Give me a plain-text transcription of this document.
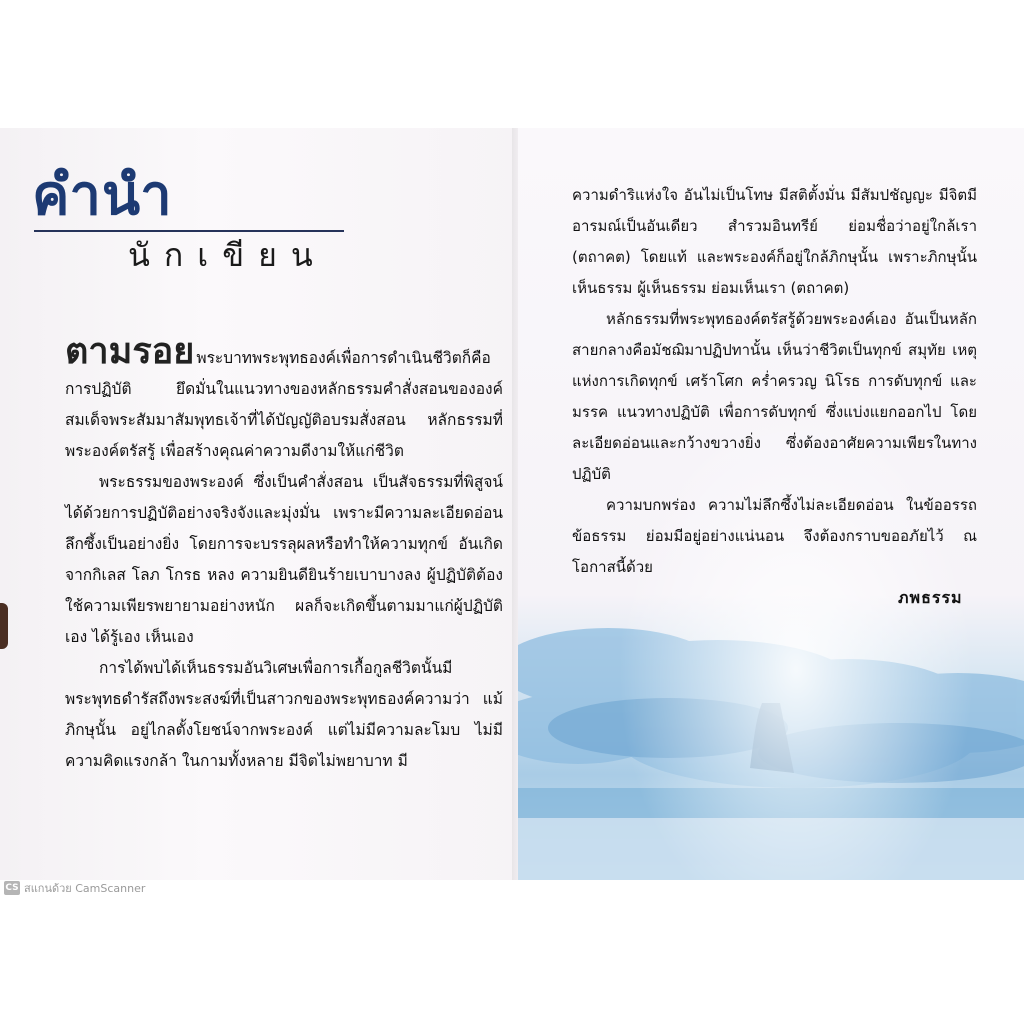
คำนำ
นักเขียน

ตามรอย พระบาทพระพุทธองค์เพื่อการดำเนินชีวิตก็คือ การปฏิบัติ ยึดมั่นในแนวทางของหลักธรรมคำสั่งสอนขององค์สมเด็จพระสัมมาสัมพุทธเจ้าที่ได้บัญญัติอบรมสั่งสอน หลักธรรมที่พระองค์ตรัสรู้ เพื่อสร้างคุณค่าความดีงามให้แก่ชีวิต

พระธรรมของพระองค์ ซึ่งเป็นคำสั่งสอน เป็นสัจธรรมที่พิสูจน์ได้ด้วยการปฏิบัติอย่างจริงจังและมุ่งมั่น เพราะมีความละเอียดอ่อนลึกซึ้งเป็นอย่างยิ่ง โดยการจะบรรลุผลหรือทำให้ความทุกข์ อันเกิดจากกิเลส โลภ โกรธ หลง ความยินดียินร้ายเบาบางลง ผู้ปฏิบัติต้องใช้ความเพียรพยายามอย่างหนัก ผลก็จะเกิดขึ้นตามมาแก่ผู้ปฏิบัติเอง ได้รู้เอง เห็นเอง

การได้พบได้เห็นธรรมอันวิเศษเพื่อการเกื้อกูลชีวิตนั้นมีพระพุทธดำรัสถึงพระสงฆ์ที่เป็นสาวกของพระพุทธองค์ความว่า แม้ภิกษุนั้น อยู่ไกลตั้งโยชน์จากพระองค์ แต่ไม่มีความละโมบ ไม่มีความคิดแรงกล้า ในกามทั้งหลาย มีจิตไม่พยาบาท มี

ความดำริแห่งใจ อันไม่เป็นโทษ มีสติตั้งมั่น มีสัมปชัญญะ มีจิตมีอารมณ์เป็นอันเดียว สำรวมอินทรีย์ ย่อมชื่อว่าอยู่ใกล้เรา (ตถาคต) โดยแท้ และพระองค์ก็อยู่ใกล้ภิกษุนั้น เพราะภิกษุนั้นเห็นธรรม ผู้เห็นธรรม ย่อมเห็นเรา (ตถาคต)

หลักธรรมที่พระพุทธองค์ตรัสรู้ด้วยพระองค์เอง อันเป็นหลักสายกลางคือมัชฌิมาปฏิปทานั้น เห็นว่าชีวิตเป็นทุกข์ สมุทัย เหตุแห่งการเกิดทุกข์ เศร้าโศก คร่ำครวญ นิโรธ การดับทุกข์ และมรรค แนวทางปฏิบัติ เพื่อการดับทุกข์ ซึ่งแบ่งแยกออกไป โดยละเอียดอ่อนและกว้างขวางยิ่ง ซึ่งต้องอาศัยความเพียรในทางปฏิบัติ

ความบกพร่อง ความไม่ลึกซึ้งไม่ละเอียดอ่อน ในข้ออรรถข้อธรรม ย่อมมีอยู่อย่างแน่นอน จึงต้องกราบขออภัยไว้ ณ โอกาสนี้ด้วย

ภพธรรม
CS สแกนด้วย CamScanner
